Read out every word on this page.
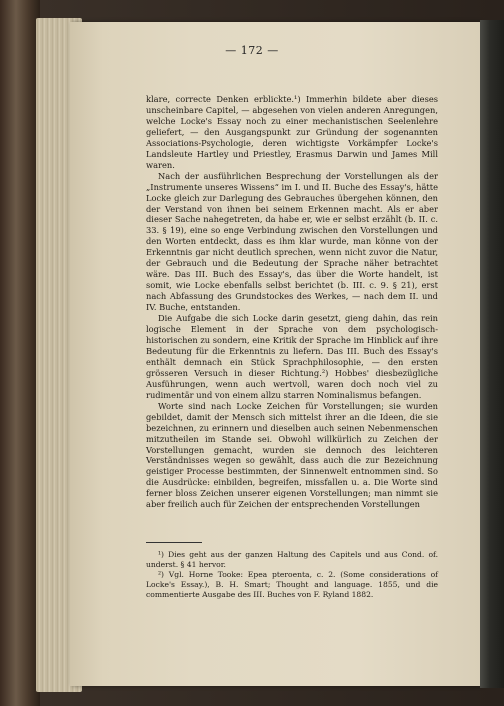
— 172 —

klare, correcte Denken erblickte.¹) Immerhin bildete aber dieses unscheinbare Capitel, — abgesehen von vielen anderen Anregungen, welche Locke's Essay noch zu einer mechanistischen Seelenlehre geliefert, — den Ausgangspunkt zur Gründung der sogenannten Associations-Psychologie, deren wichtigste Vorkämpfer Locke's Landsleute Hartley und Priestley, Erasmus Darwin und James Mill waren.

Nach der ausführlichen Besprechung der Vorstellungen als der „Instrumente unseres Wissens“ im I. und II. Buche des Essay's, hätte Locke gleich zur Darlegung des Gebrauches übergehen können, den der Verstand von ihnen bei seinem Erkennen macht. Als er aber dieser Sache nahegetreten, da habe er, wie er selbst erzählt (b. II. c. 33. § 19), eine so enge Verbindung zwischen den Vorstellungen und den Worten entdeckt, dass es ihm klar wurde, man könne von der Erkenntnis gar nicht deutlich sprechen, wenn nicht zuvor die Natur, der Gebrauch und die Bedeutung der Sprache näher betrachtet wäre. Das III. Buch des Essay's, das über die Worte handelt, ist somit, wie Locke ebenfalls selbst berichtet (b. III. c. 9. § 21), erst nach Abfassung des Grundstockes des Werkes, — nach dem II. und IV. Buche, entstanden.

Die Aufgabe die sich Locke darin gesetzt, gieng dahin, das rein logische Element in der Sprache von dem psychologisch-historischen zu sondern, eine Kritik der Sprache im Hinblick auf ihre Bedeutung für die Erkenntnis zu liefern. Das III. Buch des Essay's enthält demnach ein Stück Sprachphilosophie, — den ersten grösseren Versuch in dieser Richtung.²) Hobbes' diesbezügliche Ausführungen, wenn auch wertvoll, waren doch noch viel zu rudimentär und von einem allzu starren Nominalismus befangen.

Worte sind nach Locke Zeichen für Vorstellungen; sie wurden gebildet, damit der Mensch sich mittelst ihrer an die Ideen, die sie bezeichnen, zu erinnern und dieselben auch seinen Nebenmenschen mitzutheilen im Stande sei. Obwohl willkürlich zu Zeichen der Vorstellungen gemacht, wurden sie dennoch des leichteren Verständnisses wegen so gewählt, dass auch die zur Bezeichnung geistiger Processe bestimmten, der Sinnenwelt entnommen sind. So die Ausdrücke: einbilden, begreifen, missfallen u. a. Die Worte sind ferner bloss Zeichen unserer eigenen Vorstellungen; man nimmt sie aber freilich auch für Zeichen der entsprechenden Vorstellungen

¹) Dies geht aus der ganzen Haltung des Capitels und aus Cond. of. underst. § 41 hervor.

²) Vgl. Horne Tooke: Epea pteroenta, c. 2. (Some considerations of Locke's Essay.), B. H. Smart; Thought and language. 1855, und die commentierte Ausgabe des III. Buches von F. Ryland 1882.
